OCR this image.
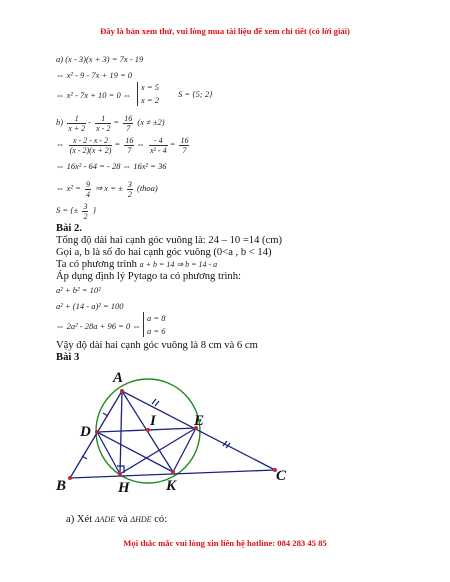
Đây là bản xem thử, vui lòng mua tài liệu để xem chi tiết (có lời giải)
a) (x - 3)(x + 3) = 7x - 19
⇔ x² - 9 - 7x + 19 = 0
⇔ x² - 7x + 10 = 0 ⇔
x = 5
x = 2
S = {5; 2}
$b) \frac{1}{x + 2} - \frac{1}{x - 2} = \frac{16}{7} (x \ne \pm 2)$
⇔ $\frac{x - 2 - x - 2}{(x - 2)(x + 2)} = \frac{16}{7}$ ⇔ $\frac{- 4}{\text{x² - 4}} = \frac{16}{7}$
⇔ 16x² - 64 = - 28 ⇔ 16x² = 36
⇔ $x^2 = \frac{9}{4}$ ⇒ x = ± $\frac{3}{2}$ (thoa)
S = {± $\frac{3}{2}$ }
Bài 2.
Tổng độ dài hai cạnh góc vuông là: 24 – 10 =14 (cm)
Gọi a, b là số đo hai cạnh góc vuông (0<a , b < 14)
Ta có phương trình a + b = 14 ⇒ b = 14 - a
Áp dụng định lý Pytago ta có phương trình:
a² + b² = 10²
a² + (14 - a)² = 100
⇔ 2a² - 28a + 96 = 0 ⇔
a = 8
a = 6
Vậy độ dài hai cạnh góc vuông là 8 cm và 6 cm
Bài 3
A
B
C
D
E
H
I
K
a) Xét ΔADE và ΔHDE có:
Mọi thắc mắc vui lòng xin liên hệ hotline: 084 283 45 85
